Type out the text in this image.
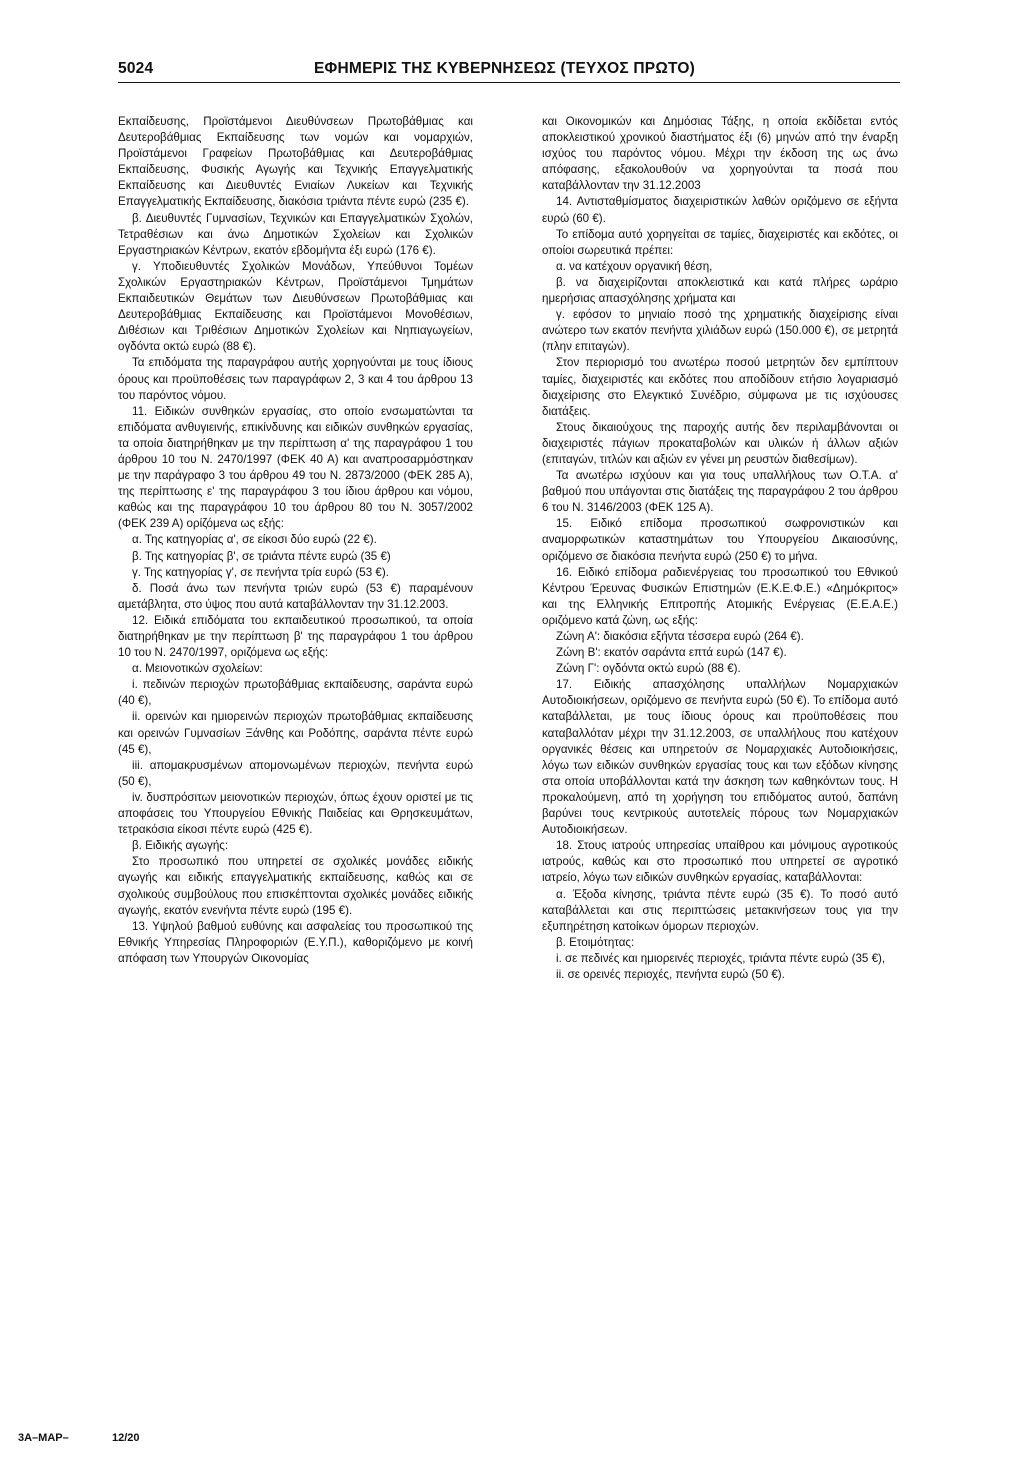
5024	ΕΦΗΜΕΡΙΣ ΤΗΣ ΚΥΒΕΡΝΗΣΕΩΣ (ΤΕΥΧΟΣ ΠΡΩΤΟ)

Εκπαίδευσης, Προϊστάμενοι Διευθύνσεων Πρωτοβάθμιας και Δευτεροβάθμιας Εκπαίδευσης των νομών και νομαρχιών, Προϊστάμενοι Γραφείων Πρωτοβάθμιας και Δευτεροβάθμιας Εκπαίδευσης, Φυσικής Αγωγής και Τεχνικής Επαγγελματικής Εκπαίδευσης και Διευθυντές Ενιαίων Λυκείων και Τεχνικής Επαγγελματικής Εκπαίδευσης, διακόσια τριάντα πέντε ευρώ (235 €).

β. Διευθυντές Γυμνασίων, Τεχνικών και Επαγγελματικών Σχολών, Τετραθέσιων και άνω Δημοτικών Σχολείων και Σχολικών Εργαστηριακών Κέντρων, εκατόν εβδομήντα έξι ευρώ (176 €).

γ. Υποδιευθυντές Σχολικών Μονάδων, Υπεύθυνοι Τομέων Σχολικών Εργαστηριακών Κέντρων, Προϊστάμενοι Τμημάτων Εκπαιδευτικών Θεμάτων των Διευθύνσεων Πρωτοβάθμιας και Δευτεροβάθμιας Εκπαίδευσης και Προϊστάμενοι Μονοθέσιων, Διθέσιων και Τριθέσιων Δημοτικών Σχολείων και Νηπιαγωγείων, ογδόντα οκτώ ευρώ (88 €).

Τα επιδόματα της παραγράφου αυτής χορηγούνται με τους ίδιους όρους και προϋποθέσεις των παραγράφων 2, 3 και 4 του άρθρου 13 του παρόντος νόμου.

11. Ειδικών συνθηκών εργασίας, στο οποίο ενσωματώνται τα επιδόματα ανθυγιεινής, επικίνδυνης και ειδικών συνθηκών εργασίας, τα οποία διατηρήθηκαν με την περίπτωση α' της παραγράφου 1 του άρθρου 10 του Ν. 2470/1997 (ΦΕΚ 40 Α) και αναπροσαρμόστηκαν με την παράγραφο 3 του άρθρου 49 του Ν. 2873/2000 (ΦΕΚ 285 Α), της περίπτωσης ε' της παραγράφου 3 του ίδιου άρθρου και νόμου, καθώς και της παραγράφου 10 του άρθρου 80 του Ν. 3057/2002 (ΦΕΚ 239 Α) ορίζόμενα ως εξής:

α. Της κατηγορίας α', σε είκοσι δύο ευρώ (22 €).

β. Της κατηγορίας β', σε τριάντα πέντε ευρώ (35 €)

γ. Της κατηγορίας γ', σε πενήντα τρία ευρώ (53 €).

δ. Ποσά άνω των πενήντα τριών ευρώ (53 €) παραμένουν αμετάβλητα, στο ύψος που αυτά καταβάλλονταν την 31.12.2003.

12. Ειδικά επιδόματα του εκπαιδευτικού προσωπικού, τα οποία διατηρήθηκαν με την περίπτωση β' της παραγράφου 1 του άρθρου 10 του Ν. 2470/1997, οριζόμενα ως εξής:

α. Μειονοτικών σχολείων:

i. πεδινών περιοχών πρωτοβάθμιας εκπαίδευσης, σαράντα ευρώ (40 €),

ii. ορεινών και ημιορεινών περιοχών πρωτοβάθμιας εκπαίδευσης και ορεινών Γυμνασίων Ξάνθης και Ροδόπης, σαράντα πέντε ευρώ (45 €),

iii. απομακρυσμένων απομονωμένων περιοχών, πενήντα ευρώ (50 €),

iv. δυσπρόσιτων μειονοτικών περιοχών, όπως έχουν οριστεί με τις αποφάσεις του Υπουργείου Εθνικής Παιδείας και Θρησκευμάτων, τετρακόσια είκοσι πέντε ευρώ (425 €).

β. Ειδικής αγωγής:

Στο προσωπικό που υπηρετεί σε σχολικές μονάδες ειδικής αγωγής και ειδικής επαγγελματικής εκπαίδευσης, καθώς και σε σχολικούς συμβούλους που επισκέπτονται σχολικές μονάδες ειδικής αγωγής, εκατόν ενενήντα πέντε ευρώ (195 €).

13. Υψηλού βαθμού ευθύνης και ασφαλείας του προσωπικού της Εθνικής Υπηρεσίας Πληροφοριών (Ε.Υ.Π.), καθοριζόμενο με κοινή απόφαση των Υπουργών Οικονομίας

και Οικονομικών και Δημόσιας Τάξης, η οποία εκδίδεται εντός αποκλειστικού χρονικού διαστήματος έξι (6) μηνών από την έναρξη ισχύος του παρόντος νόμου. Μέχρι την έκδοση της ως άνω απόφασης, εξακολουθούν να χορηγούνται τα ποσά που καταβάλλονταν την 31.12.2003

14. Αντισταθμίσματος διαχειριστικών λαθών οριζόμενο σε εξήντα ευρώ (60 €).

Το επίδομα αυτό χορηγείται σε ταμίες, διαχειριστές και εκδότες, οι οποίοι σωρευτικά πρέπει:

α. να κατέχουν οργανική θέση,

β. να διαχειρίζονται αποκλειστικά και κατά πλήρες ωράριο ημερήσιας απασχόλησης χρήματα και

γ. εφόσον το μηνιαίο ποσό της χρηματικής διαχείρισης είναι ανώτερο των εκατόν πενήντα χιλιάδων ευρώ (150.000 €), σε μετρητά (πλην επιταγών).

Στον περιορισμό του ανωτέρω ποσού μετρητών δεν εμπίπτουν ταμίες, διαχειριστές και εκδότες που αποδίδουν ετήσιο λογαριασμό διαχείρισης στο Ελεγκτικό Συνέδριο, σύμφωνα με τις ισχύουσες διατάξεις.

Στους δικαιούχους της παροχής αυτής δεν περιλαμβάνονται οι διαχειριστές πάγιων προκαταβολών και υλικών ή άλλων αξιών (επιταγών, τιτλών και αξιών εν γένει μη ρευστών διαθεσίμων).

Τα ανωτέρω ισχύουν και για τους υπαλλήλους των Ο.Τ.Α. α' βαθμού που υπάγονται στις διατάξεις της παραγράφου 2 του άρθρου 6 του Ν. 3146/2003 (ΦΕΚ 125 Α).

15. Ειδικό επίδομα προσωπικού σωφρονιστικών και αναμορφωτικών καταστημάτων του Υπουργείου Δικαιοσύνης, οριζόμενο σε διακόσια πενήντα ευρώ (250 €) το μήνα.

16. Ειδικό επίδομα ραδιενέργειας του προσωπικού του Εθνικού Κέντρου Έρευνας Φυσικών Επιστημών (Ε.Κ.Ε.Φ.Ε.) «Δημόκριτος» και της Ελληνικής Επιτροπής Ατομικής Ενέργειας (Ε.Ε.Α.Ε.) οριζόμενο κατά ζώνη, ως εξής:

Ζώνη Α': διακόσια εξήντα τέσσερα ευρώ (264 €).

Ζώνη Β': εκατόν σαράντα επτά ευρώ (147 €).

Ζώνη Γ': ογδόντα οκτώ ευρώ (88 €).

17. Ειδικής απασχόλησης υπαλλήλων Νομαρχιακών Αυτοδιοικήσεων, οριζόμενο σε πενήντα ευρώ (50 €). Το επίδομα αυτό καταβάλλεται, με τους ίδιους όρους και προϋποθέσεις που καταβαλλόταν μέχρι την 31.12.2003, σε υπαλλήλους που κατέχουν οργανικές θέσεις και υπηρετούν σε Νομαρχιακές Αυτοδιοικήσεις, λόγω των ειδικών συνθηκών εργασίας τους και των εξόδων κίνησης στα οποία υποβάλλονται κατά την άσκηση των καθηκόντων τους. Η προκαλούμενη, από τη χορήγηση του επιδόματος αυτού, δαπάνη βαρύνει τους κεντρικούς αυτοτελείς πόρους των Νομαρχιακών Αυτοδιοικήσεων.

18. Στους ιατρούς υπηρεσίας υπαίθρου και μόνιμους αγροτικούς ιατρούς, καθώς και στο προσωπικό που υπηρετεί σε αγροτικό ιατρείο, λόγω των ειδικών συνθηκών εργασίας, καταβάλλονται:

α. Έξοδα κίνησης, τριάντα πέντε ευρώ (35 €). Το ποσό αυτό καταβάλλεται και στις περιπτώσεις μετακινήσεων τους για την εξυπηρέτηση κατοίκων όμορων περιοχών.

β. Ετοιμότητας:

i. σε πεδινές και ημιορεινές περιοχές, τριάντα πέντε ευρώ (35 €),

ii. σε ορεινές περιοχές, πενήντα ευρώ (50 €).

3Α–ΜΑΡ–	12/20
